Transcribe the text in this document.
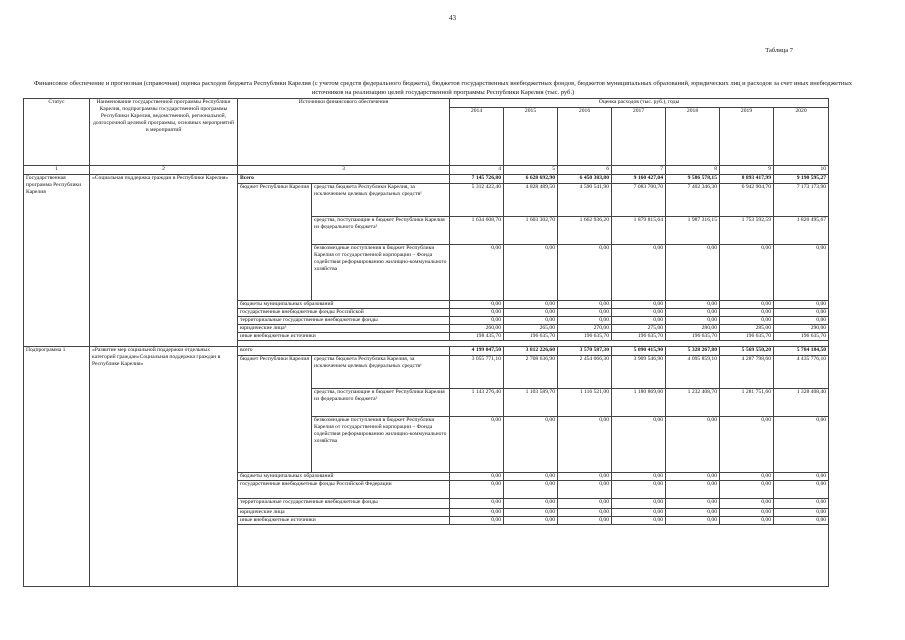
43
Таблица 7
Финансовое обеспечение и прогнозная (справочная) оценка расходов бюджета Республики Карелия (с учетом средств федерального бюджета), бюджетов государственных внебюджетных фондов, бюджетов муниципальных образований, юридических лиц и расходов за счет иных внебюджетных источников на реализацию целей государственной программы Республики Карелия (тыс. руб.)
Статус	Наименование государственной программы Республики Карелия, подпрограммы государственной программы Республики Карелия, ведомственной, региональной, долгосрочной целевой программы, основных мероприятий и мероприятий	Источники финансового обеспечения		Оценка расходов (тыс. руб.), годы						
				2014	2015	2016	2017	2018	2019	2020
1	2	3		4	5	6	7	8	9	10
Государственная программа Республики Карелия	«Социальная поддержка граждан в Республике Карелия»	Всего		7 145 726,80	6 628 692,90	6 450 383,80	9 160 427,04	9 586 578,15	8 893 417,99	9 190 595,27
		бюджет Республики Карелия	средства бюджета Республики Карелия, за исключением целевых федеральных средств¹	5 312 422,40	4 828 489,50	4 590 541,90	7 083 700,70	7 402 346,30	6 942 904,70	7 173 173,90
			средства, поступающие в бюджет Республики Карелия из федерального бюджета²	1 634 608,70	1 603 302,70	1 662 936,20	1 879 815,64	1 987 316,15	1 753 592,59	1 820 495,67
			безвозмездные поступления в бюджет Республики Карелия от государственной корпорации – Фонда содействия реформированию жилищно-коммунального хозяйства	0,00	0,00	0,00	0,00	0,00	0,00	0,00
		бюджеты муниципальных образований		0,00	0,00	0,00	0,00	0,00	0,00	0,00
		государственные внебюджетные фонды Российской		0,00	0,00	0,00	0,00	0,00	0,00	0,00
		территориальные государственные внебюджетные фонды		0,00	0,00	0,00	0,00	0,00	0,00	0,00
		юридические лица³		260,00	265,00	270,00	275,00	280,00	285,00	290,00
		иные внебюджетные источники		198 435,70	196 635,70	196 635,70	196 635,70	196 635,70	196 635,70	196 635,70

Подпрограмма 1	«Развитие мер социальной поддержки отдельных категорий граждан»Социальная поддержка граждан в Республике Карелия»	всего		4 199 047,50	3 812 226,60	3 570 587,30	5 090 415,90	5 328 267,80	5 569 550,20	5 784 184,50
		бюджет Республики Карелия	средства бюджета Республика Карелия, за исключением целевых федеральных средств¹	3 055 771,10	2 708 636,90	2 454 066,30	3 909 546,90	4 095 859,10	4 287 798,60	4 435 776,10
			средства, поступающие в бюджет Республики Карелия из федерального бюджета²	1 143 276,40	1 103 589,70	1 116 521,00	1 180 869,00	1 232 408,70	1 281 751,60	1 328 408,40
			безвозмездные поступления в бюджет Республики Карелия от государственной корпорации – Фонда содействия реформированию жилищно-коммунального хозяйства	0,00	0,00	0,00	0,00	0,00	0,00	0,00
		бюджеты муниципальных образований		0,00	0,00	0,00	0,00	0,00	0,00	0,00
		государственные внебюджетные фонды Российской Федерации		0,00	0,00	0,00	0,00	0,00	0,00	0,00
		территориальные государственные внебюджетные фонды		0,00	0,00	0,00	0,00	0,00	0,00	0,00
		юридические лица		0,00	0,00	0,00	0,00	0,00	0,00	0,00
		иные внебюджетные источники		0,00	0,00	0,00	0,00	0,00	0,00	0,00
